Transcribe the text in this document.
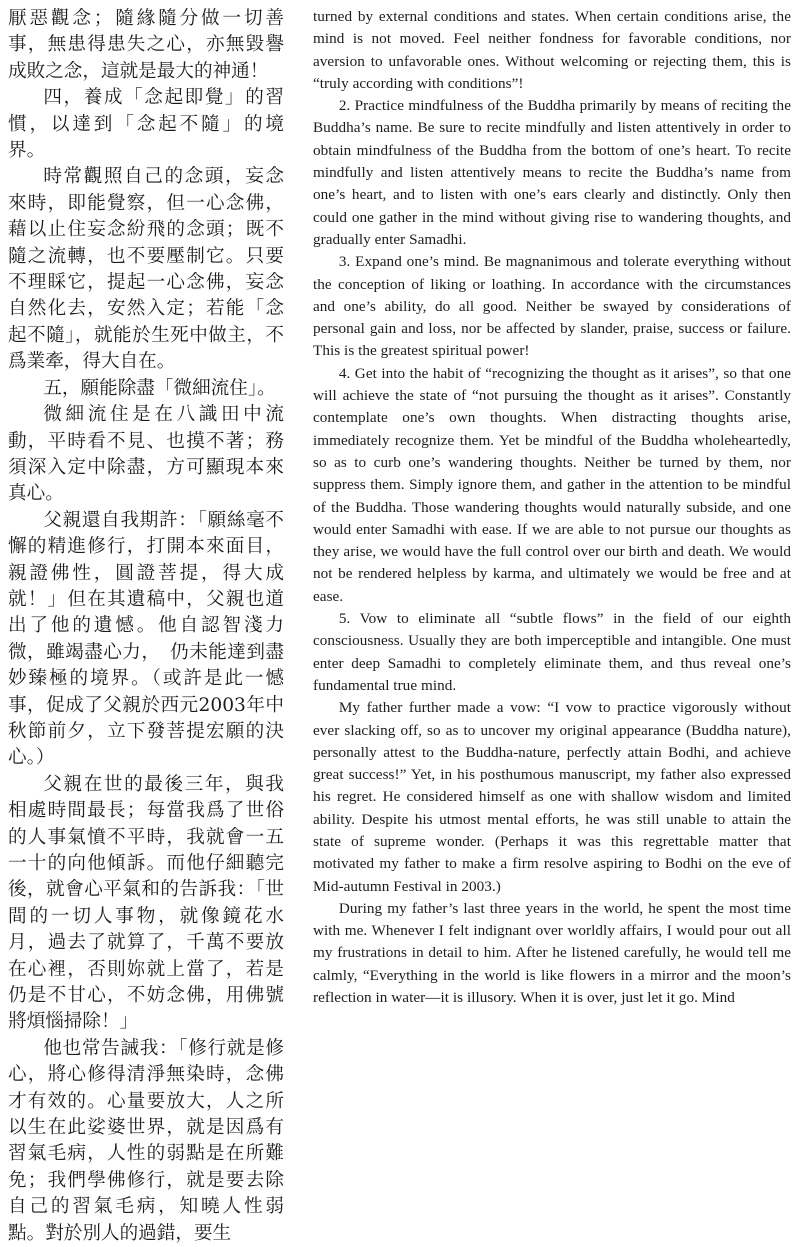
厭惡觀念；隨緣隨分做一切善事，無患得患失之心，亦無毀譽成敗之念，這就是最大的神通！

四，養成「念起即覺」的習慣，以達到「念起不隨」的境界。

時常觀照自己的念頭，妄念來時，即能覺察，但一心念佛，藉以止住妄念紛飛的念頭；既不隨之流轉，也不要壓制它。只要不理睬它，提起一心念佛，妄念自然化去，安然入定；若能「念起不隨」，就能於生死中做主，不爲業牽，得大自在。

五，願能除盡「微細流住」。

微細流住是在八識田中流動，平時看不見、也摸不著；務須深入定中除盡，方可顯現本來真心。

父親還自我期許：「願絲毫不懈的精進修行，打開本來面目，親證佛性，圓證菩提，得大成就！」但在其遺稿中，父親也道出了他的遺憾。他自認智淺力微，雖竭盡心力，　仍未能達到盡妙臻極的境界。（或許是此一憾事，促成了父親於西元2003年中秋節前夕，立下發菩提宏願的決心。）

父親在世的最後三年，與我相處時間最長；每當我爲了世俗的人事氣憤不平時，我就會一五一十的向他傾訴。而他仔細聽完後，就會心平氣和的告訴我：「世間的一切人事物，就像鏡花水月，過去了就算了，千萬不要放在心裡，否則妳就上當了，若是仍是不甘心，不妨念佛，用佛號將煩惱掃除！」

他也常告誡我：「修行就是修心，將心修得清淨無染時，念佛才有效的。心量要放大，人之所以生在此娑婆世界，就是因爲有習氣毛病，人性的弱點是在所難免；我們學佛修行，就是要去除自己的習氣毛病，知曉人性弱點。對於別人的過錯，要生

turned by external conditions and states. When certain conditions arise, the mind is not moved. Feel neither fondness for favorable conditions, nor aversion to unfavorable ones. Without welcoming or rejecting them, this is “truly according with conditions”!

2. Practice mindfulness of the Buddha primarily by means of reciting the Buddha’s name. Be sure to recite mindfully and listen attentively in order to obtain mindfulness of the Buddha from the bottom of one’s heart. To recite mindfully and listen attentively means to recite the Buddha’s name from one’s heart, and to listen with one’s ears clearly and distinctly. Only then could one gather in the mind without giving rise to wandering thoughts, and gradually enter Samadhi.

3. Expand one’s mind. Be magnanimous and tolerate everything without the conception of liking or loathing. In accordance with the circumstances and one’s ability, do all good. Neither be swayed by considerations of personal gain and loss, nor be affected by slander, praise, success or failure. This is the greatest spiritual power!

4. Get into the habit of “recognizing the thought as it arises”, so that one will achieve the state of “not pursuing the thought as it arises”. Constantly contemplate one’s own thoughts. When distracting thoughts arise, immediately recognize them. Yet be mindful of the Buddha wholeheartedly, so as to curb one’s wandering thoughts. Neither be turned by them, nor suppress them. Simply ignore them, and gather in the attention to be mindful of the Buddha. Those wandering thoughts would naturally subside, and one would enter Samadhi with ease. If we are able to not pursue our thoughts as they arise, we would have the full control over our birth and death. We would not be rendered helpless by karma, and ultimately we would be free and at ease.

5. Vow to eliminate all “subtle flows” in the field of our eighth consciousness. Usually they are both imperceptible and intangible. One must enter deep Samadhi to completely eliminate them, and thus reveal one’s fundamental true mind.

My father further made a vow: “I vow to practice vigorously without ever slacking off, so as to uncover my original appearance (Buddha nature), personally attest to the Buddha-nature, perfectly attain Bodhi, and achieve great success!” Yet, in his posthumous manuscript, my father also expressed his regret. He considered himself as one with shallow wisdom and limited ability. Despite his utmost mental efforts, he was still unable to attain the state of supreme wonder. (Perhaps it was this regrettable matter that motivated my father to make a firm resolve aspiring to Bodhi on the eve of Mid-autumn Festival in 2003.)

During my father’s last three years in the world, he spent the most time with me. Whenever I felt indignant over worldly affairs, I would pour out all my frustrations in detail to him. After he listened carefully, he would tell me calmly, “Everything in the world is like flowers in a mirror and the moon’s reflection in water—it is illusory. When it is over, just let it go. Mind
